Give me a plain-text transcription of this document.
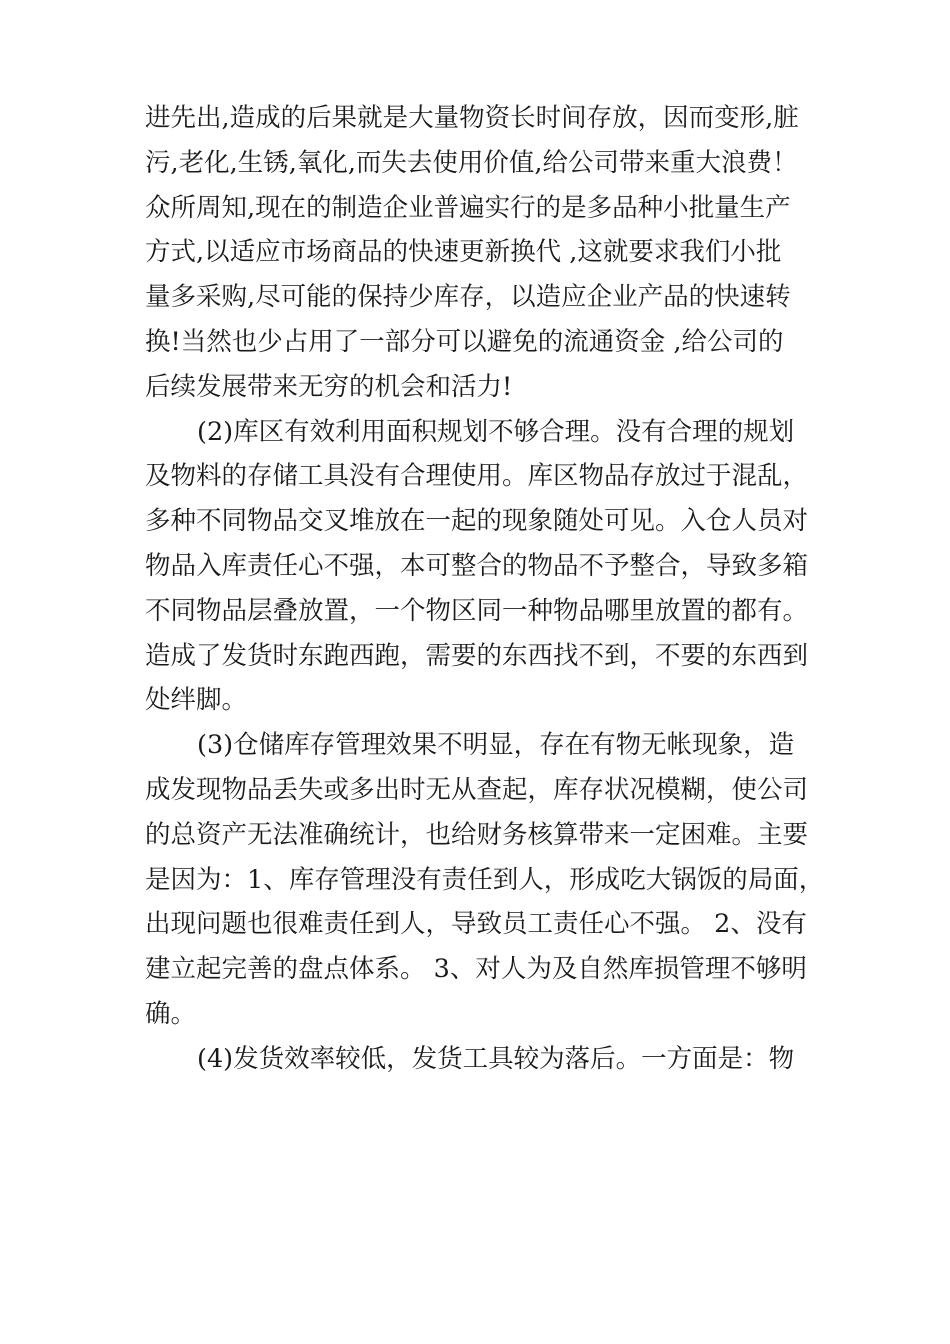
进先出,造成的后果就是大量物资长时间存放，因而变形,脏
污,老化,生锈,氧化,而失去使用价值,给公司带来重大浪费！
众所周知,现在的制造企业普遍实行的是多品种小批量生产
方式,以适应市场商品的快速更新换代 ,这就要求我们小批
量多采购,尽可能的保持少库存，以造应企业产品的快速转
换!当然也少占用了一部分可以避免的流通资金 ,给公司的
后续发展带来无穷的机会和活力!
(2)库区有效利用面积规划不够合理。没有合理的规划
及物料的存储工具没有合理使用。库区物品存放过于混乱，
多种不同物品交叉堆放在一起的现象随处可见。入仓人员对
物品入库责任心不强，本可整合的物品不予整合，导致多箱
不同物品层叠放置，一个物区同一种物品哪里放置的都有。
造成了发货时东跑西跑，需要的东西找不到，不要的东西到
处绊脚。
(3)仓储库存管理效果不明显，存在有物无帐现象，造
成发现物品丢失或多出时无从查起，库存状况模糊，使公司
的总资产无法准确统计，也给财务核算带来一定困难。主要
是因为：1、库存管理没有责任到人，形成吃大锅饭的局面，
出现问题也很难责任到人，导致员工责任心不强。 2、没有
建立起完善的盘点体系。 3、对人为及自然库损管理不够明
确。
(4)发货效率较低，发货工具较为落后。一方面是：物
